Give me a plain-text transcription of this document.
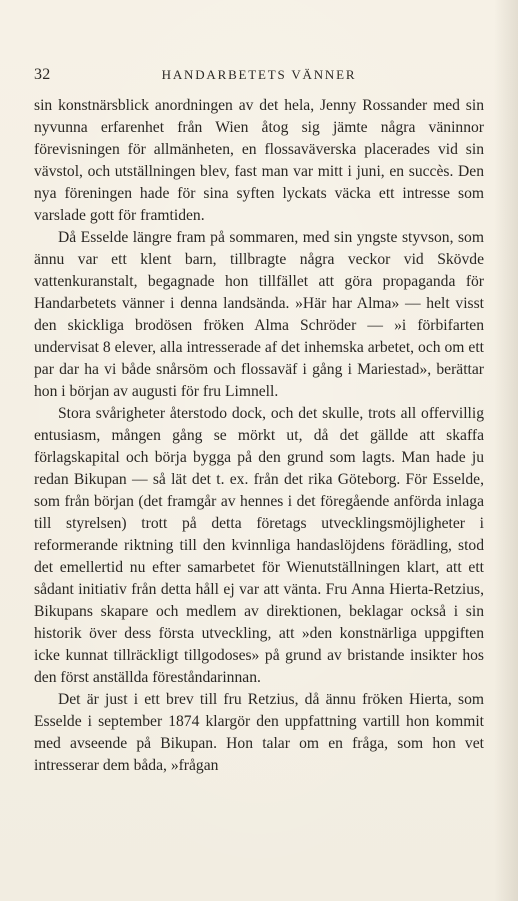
32	HANDARBETETS VÄNNER

sin konstnärsblick anordningen av det hela, Jenny Rossander med sin nyvunna erfarenhet från Wien åtog sig jämte några väninnor förevisningen för allmänheten, en flossaväverska placerades vid sin vävstol, och utställningen blev, fast man var mitt i juni, en succès. Den nya föreningen hade för sina syften lyckats väcka ett intresse som varslade gott för framtiden.

Då Esselde längre fram på sommaren, med sin yngste styvson, som ännu var ett klent barn, tillbragte några veckor vid Skövde vattenkuranstalt, begagnade hon tillfället att göra propaganda för Handarbetets vänner i denna landsända. »Här har Alma» — helt visst den skickliga brodösen fröken Alma Schröder — »i förbifarten undervisat 8 elever, alla intresserade af det inhemska arbetet, och om ett par dar ha vi både snårsöm och flossaväf i gång i Mariestad», berättar hon i början av augusti för fru Limnell.

Stora svårigheter återstodo dock, och det skulle, trots all offervillig entusiasm, mången gång se mörkt ut, då det gällde att skaffa förlagskapital och börja bygga på den grund som lagts. Man hade ju redan Bikupan — så lät det t. ex. från det rika Göteborg. För Esselde, som från början (det framgår av hennes i det föregående anförda inlaga till styrelsen) trott på detta företags utvecklingsmöjligheter i reformerande riktning till den kvinnliga handaslöjdens förädling, stod det emellertid nu efter samarbetet för Wienutställningen klart, att ett sådant initiativ från detta håll ej var att vänta. Fru Anna Hierta-Retzius, Bikupans skapare och medlem av direktionen, beklagar också i sin historik över dess första utveckling, att »den konstnärliga uppgiften icke kunnat tillräckligt tillgodoses» på grund av bristande insikter hos den först anställda föreståndarinnan.

Det är just i ett brev till fru Retzius, då ännu fröken Hierta, som Esselde i september 1874 klargör den uppfattning vartill hon kommit med avseende på Bikupan. Hon talar om en fråga, som hon vet intresserar dem båda, »frågan
